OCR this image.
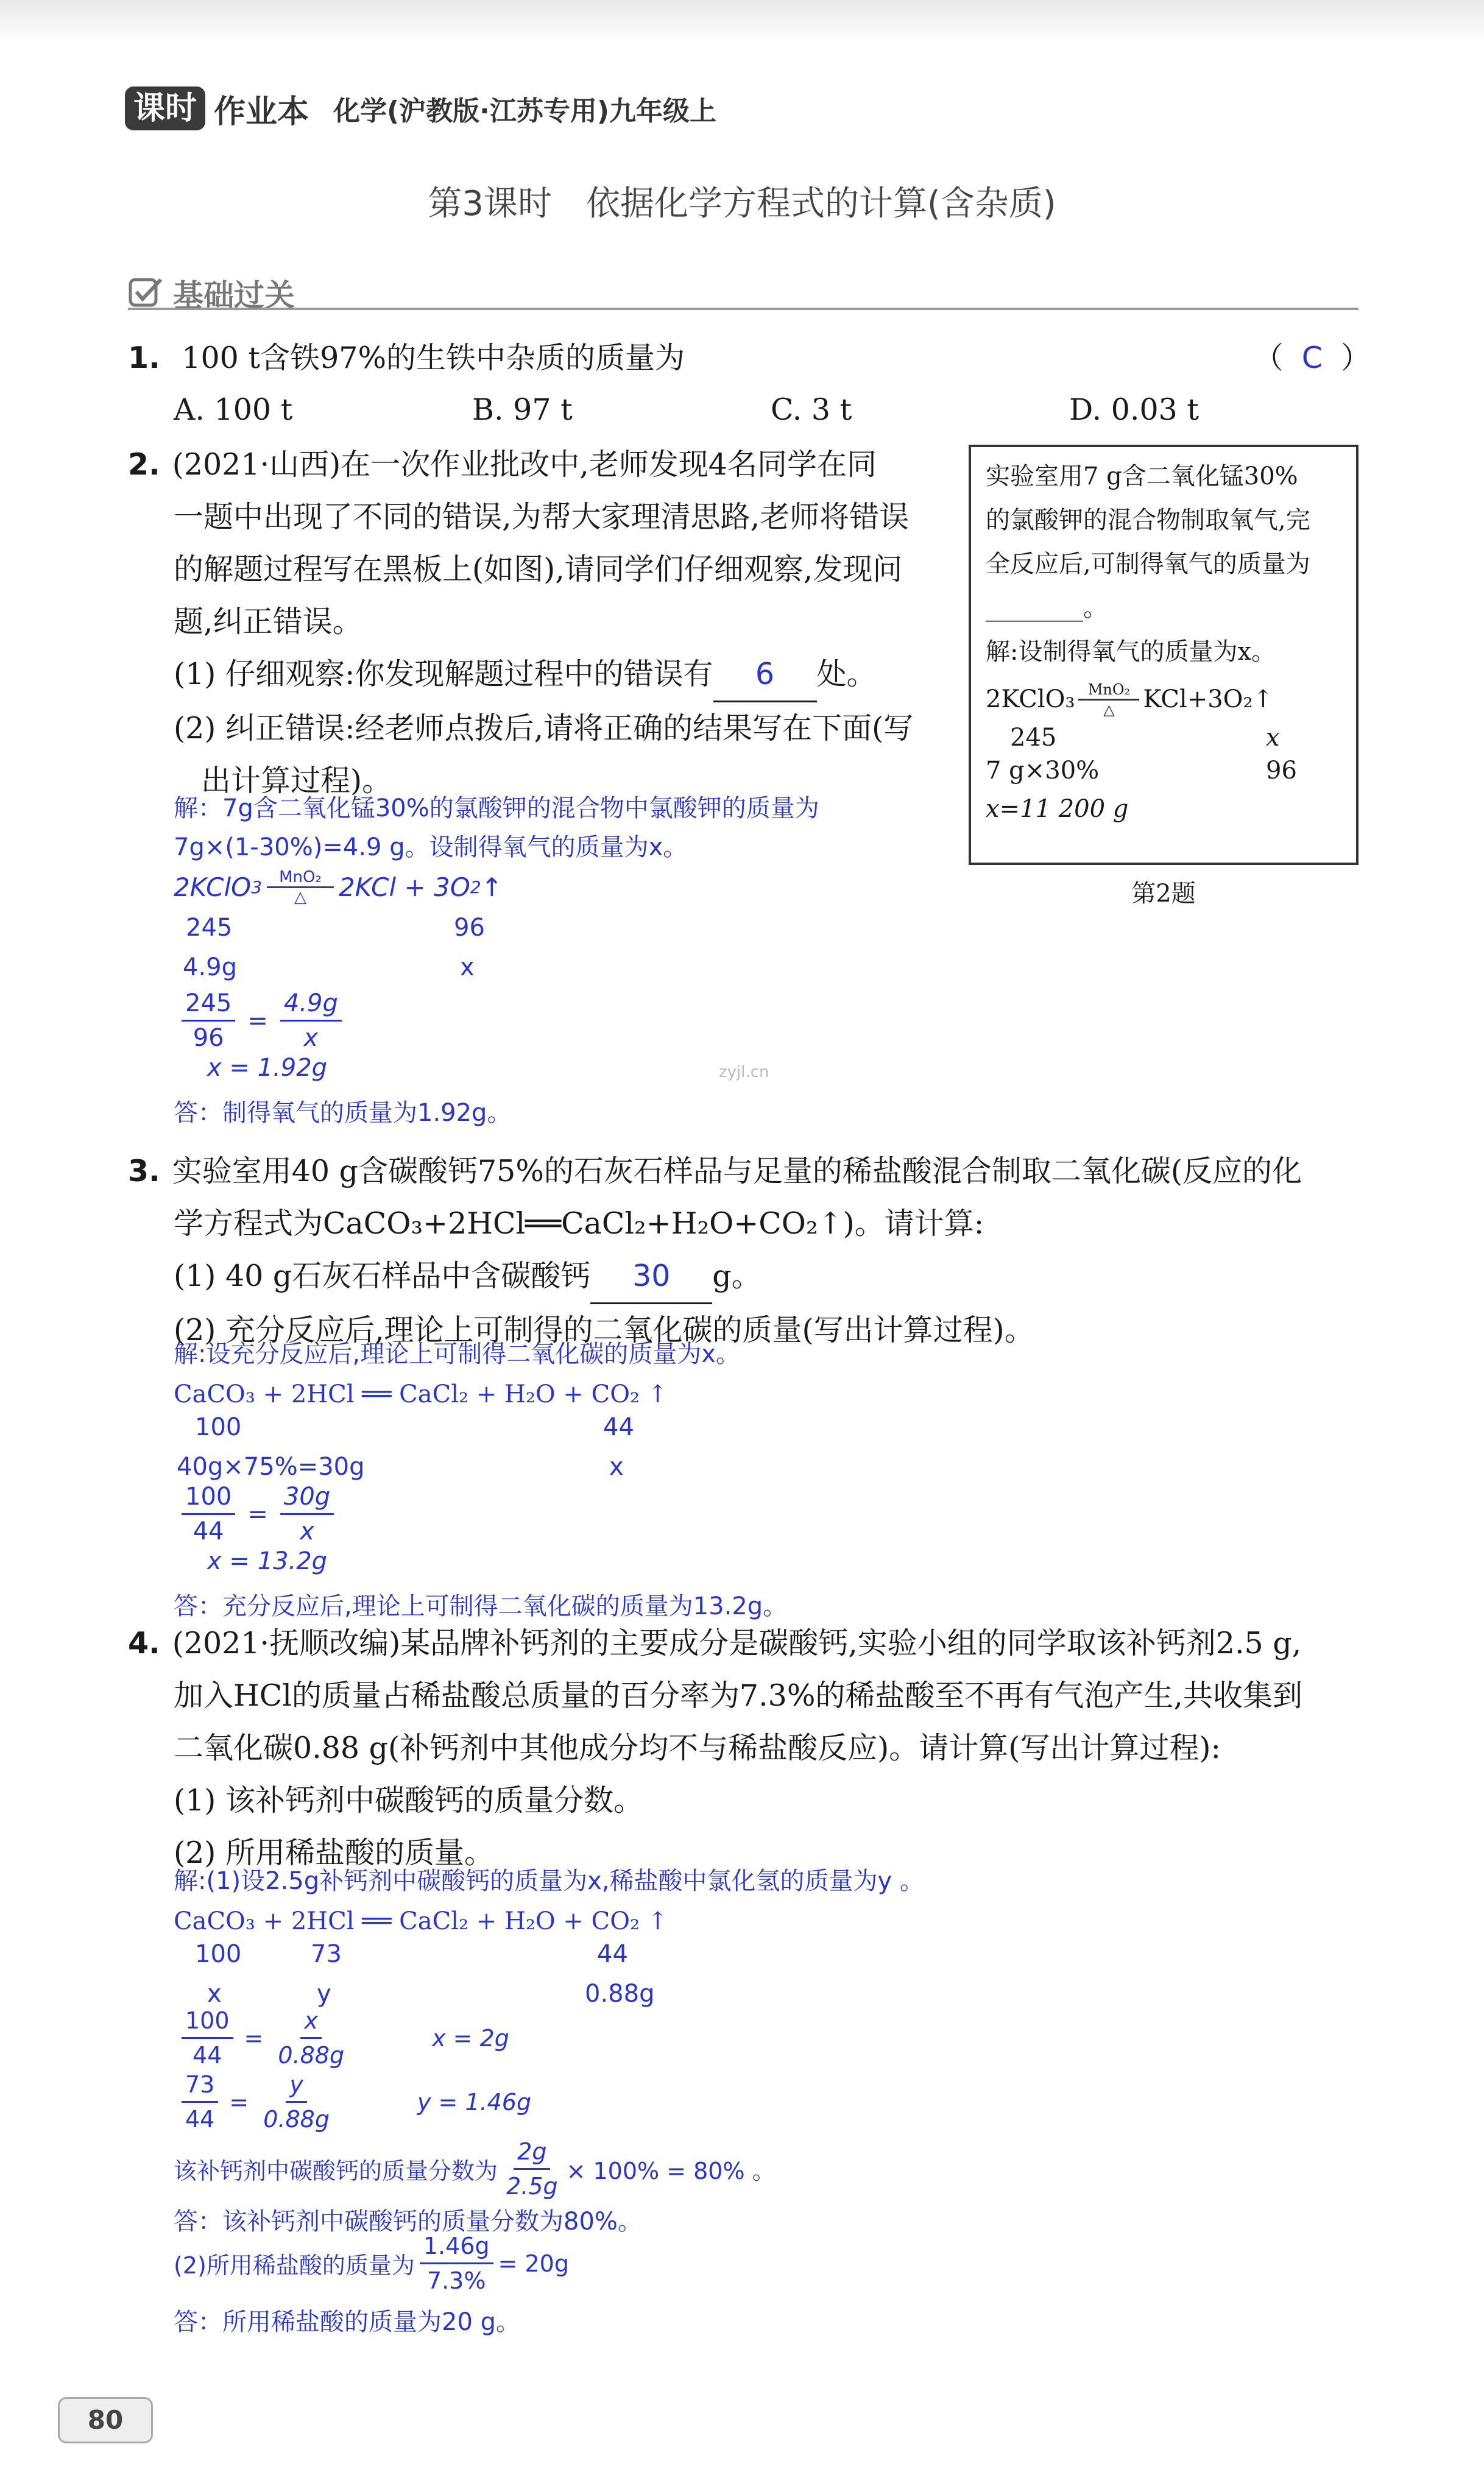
课时 作业本 化学(沪教版·江苏专用)九年级上
第3课时　依据化学方程式的计算(含杂质)
基础过关
1. 100 t含铁97%的生铁中杂质的质量为	（ C ）
A. 100 t	B. 97 t	C. 3 t	D. 0.03 t
2. (2021·山西)在一次作业批改中,老师发现4名同学在同
一题中出现了不同的错误,为帮大家理清思路,老师将错误
的解题过程写在黑板上(如图),请同学们仔细观察,发现问
题,纠正错误。
(1) 仔细观察:你发现解题过程中的错误有 6 处。
(2) 纠正错误:经老师点拨后,请将正确的结果写在下面(写
出计算过程)。
解：7g含二氧化锰30%的氯酸钾的混合物中氯酸钾的质量为
7g×(1-30%)=4.9 g。设制得氧气的质量为x。
2KClO 3 MnO₂
△	2KCl + 3O 2 ↑
245	96
4.9g	x
$\frac{245}{96} = \frac{4.9g}{x}$
x = 1.92g
答：制得氧气的质量为1.92g。
实验室用7 g含二氧化锰30%
的氯酸钾的混合物制取氧气,完
全反应后,可制得氧气的质量为
________。
解:设制得氧气的质量为x。
2KClO₃ MnO₂
△	KCl+3O₂↑
245	x
7 g×30%	96
x=11 200 g
第2题
zyjl.cn
3. 实验室用40 g含碳酸钙75%的石灰石样品与足量的稀盐酸混合制取二氧化碳(反应的化
学方程式为CaCO₃+2HCl══CaCl₂+H₂O+CO₂↑)。请计算:
(1) 40 g石灰石样品中含碳酸钙 30 g。
(2) 充分反应后,理论上可制得的二氧化碳的质量(写出计算过程)。
解:设充分反应后,理论上可制得二氧化碳的质量为x。
CaCO₃ + 2HCl ══ CaCl₂ + H₂O + CO₂ ↑
100	44
40g×75%=30g	x
$\frac{100}{44} = \frac{30g}{x}$
x = 13.2g
答：充分反应后,理论上可制得二氧化碳的质量为13.2g。
4. (2021·抚顺改编)某品牌补钙剂的主要成分是碳酸钙,实验小组的同学取该补钙剂2.5 g,
加入HCl的质量占稀盐酸总质量的百分率为7.3%的稀盐酸至不再有气泡产生,共收集到
二氧化碳0.88 g(补钙剂中其他成分均不与稀盐酸反应)。请计算(写出计算过程):
(1) 该补钙剂中碳酸钙的质量分数。
(2) 所用稀盐酸的质量。
解:(1)设2.5g补钙剂中碳酸钙的质量为x,稀盐酸中氯化氢的质量为y 。
CaCO₃ + 2HCl ══ CaCl₂ + H₂O + CO₂ ↑
100	73	44
x	y	0.88g
$\frac{100}{44} = \frac{x}{0.88g}$	x = 2g
$\frac{73}{44} = \frac{y}{0.88g}$	y = 1.46g
该补钙剂中碳酸钙的质量分数为 $\frac{2g}{2.5g} \times 100\% = 80\%$ 。
答：该补钙剂中碳酸钙的质量分数为80%。
(2)所用稀盐酸的质量为 $\frac{1.46g}{7.3\%} = 20g$
答：所用稀盐酸的质量为20 g。
80
